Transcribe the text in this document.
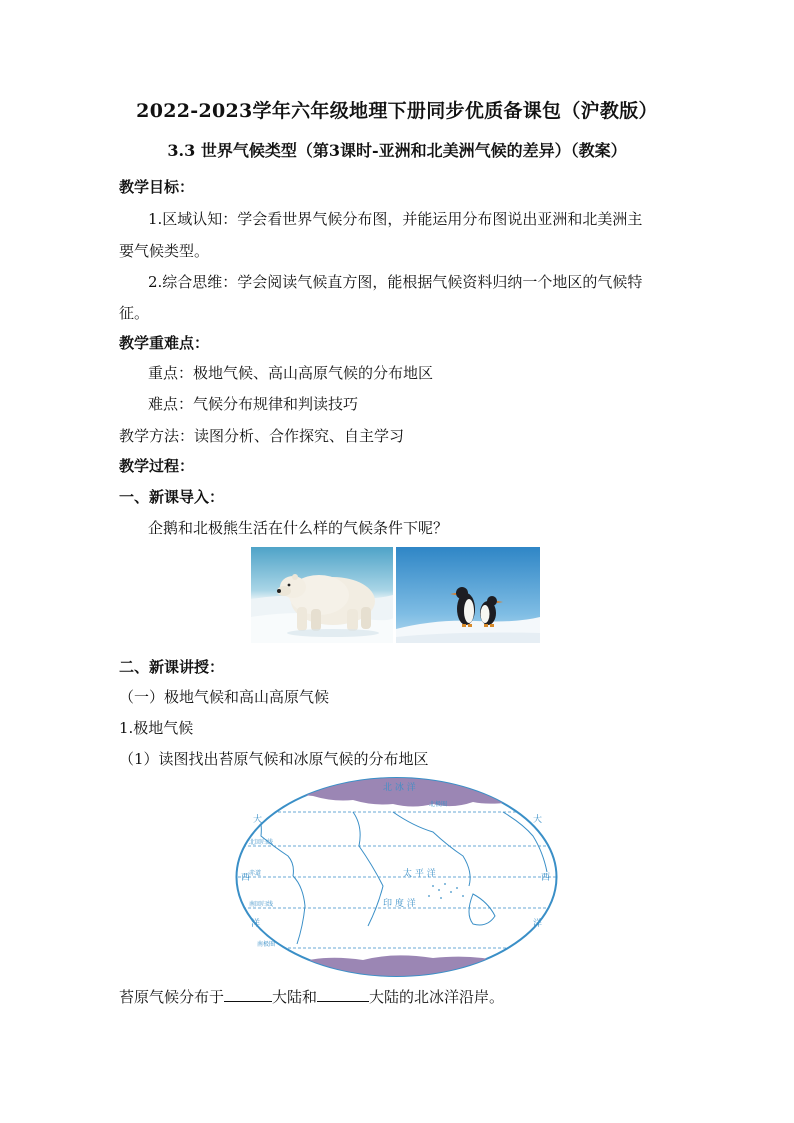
2022-2023学年六年级地理下册同步优质备课包（沪教版）
3.3 世界气候类型（第3课时-亚洲和北美洲气候的差异）（教案）
教学目标：
1.区域认知：学会看世界气候分布图，并能运用分布图说出亚洲和北美洲主
要气候类型。
2.综合思维：学会阅读气候直方图，能根据气候资料归纳一个地区的气候特
征。
教学重难点：
重点：极地气候、高山高原气候的分布地区
难点：气候分布规律和判读技巧
教学方法：读图分析、合作探究、自主学习
教学过程：
一、新课导入：
企鹅和北极熊生活在什么样的气候条件下呢？
二、新课讲授：
（一）极地气候和高山高原气候
1.极地气候
（1）读图找出苔原气候和冰原气候的分布地区
北 冰 洋
大	大
太 平 洋
印 度 洋
西	西
洋	洋
北极圈
北回归线
赤道
南回归线
南极圈
苔原气候分布于	大陆和	大陆的北冰洋沿岸。
